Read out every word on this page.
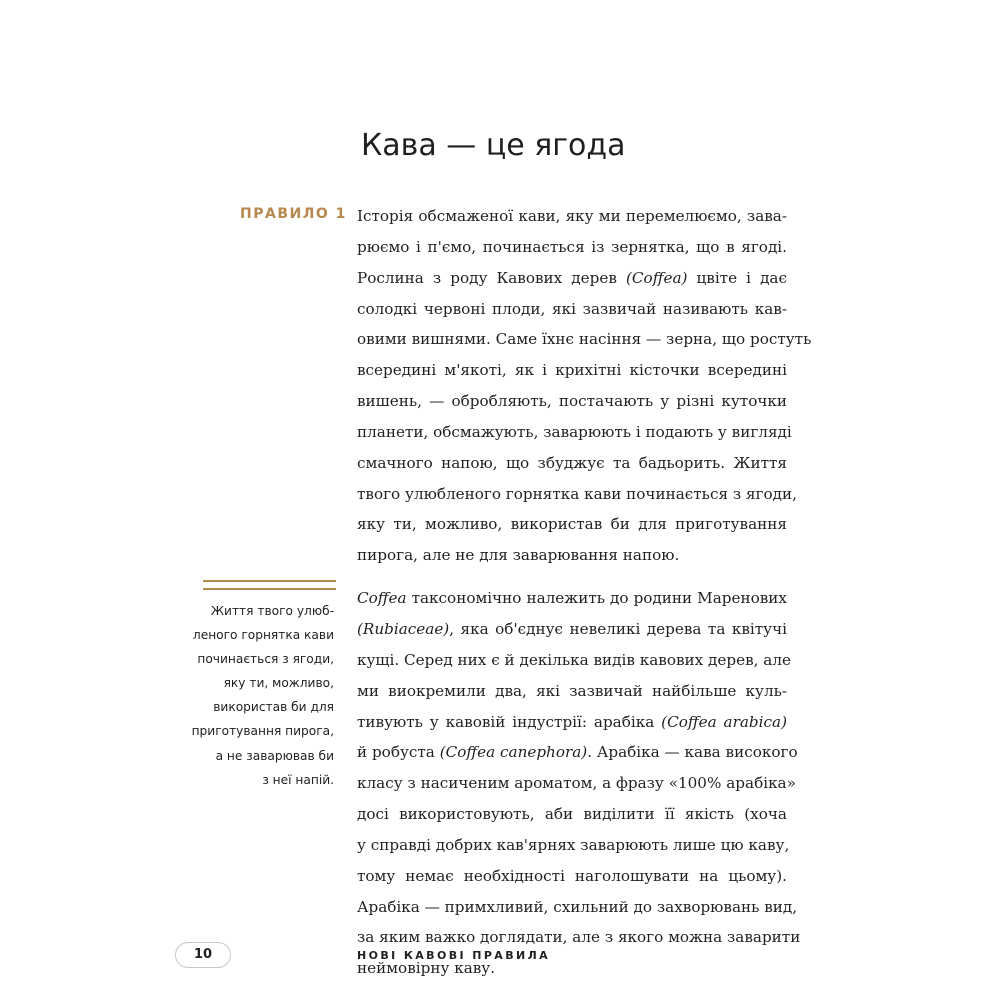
Кава — це ягода
ПРАВИЛО 1 Історія обсмаженої кави, яку ми перемелюємо, зава-
рюємо і п'ємо, починається із зернятка, що в ягоді.
Рослина з роду Кавових дерев (Coffea) цвіте і дає
солодкі червоні плоди, які зазвичай називають кав-
овими вишнями. Саме їхнє насіння — зерна, що ростуть
всередині м'якоті, як і крихітні кісточки всередині
вишень, — обробляють, постачають у різні куточки
планети, обсмажують, заварюють і подають у вигляді
смачного напою, що збуджує та бадьорить. Життя
твого улюбленого горнятка кави починається з ягоди,
яку ти, можливо, використав би для приготування
пирога, але не для заварювання напою.
Coffea таксономічно належить до родини Маренових
(Rubiaceae), яка об'єднує невеликі дерева та квітучі
кущі. Серед них є й декілька видів кавових дерев, але
ми виокремили два, які зазвичай найбільше куль-
тивують у кавовій індустрії: арабіка (Coffea arabica)
й робуста (Coffea canephora). Арабіка — кава високого
класу з насиченим ароматом, а фразу «100% арабіка»
досі використовують, аби виділити її якість (хоча
у справді добрих кав'ярнях заварюють лише цю каву,
тому немає необхідності наголошувати на цьому).
Арабіка — примхливий, схильний до захворювань вид,
за яким важко доглядати, але з якого можна заварити
неймовірну каву.
Життя твого улюб-
леного горнятка кави
починається з ягоди,
яку ти, можливо,
використав би для
приготування пирога,
а не заварював би
з неї напій.
10	НОВІ КАВОВІ ПРАВИЛА
